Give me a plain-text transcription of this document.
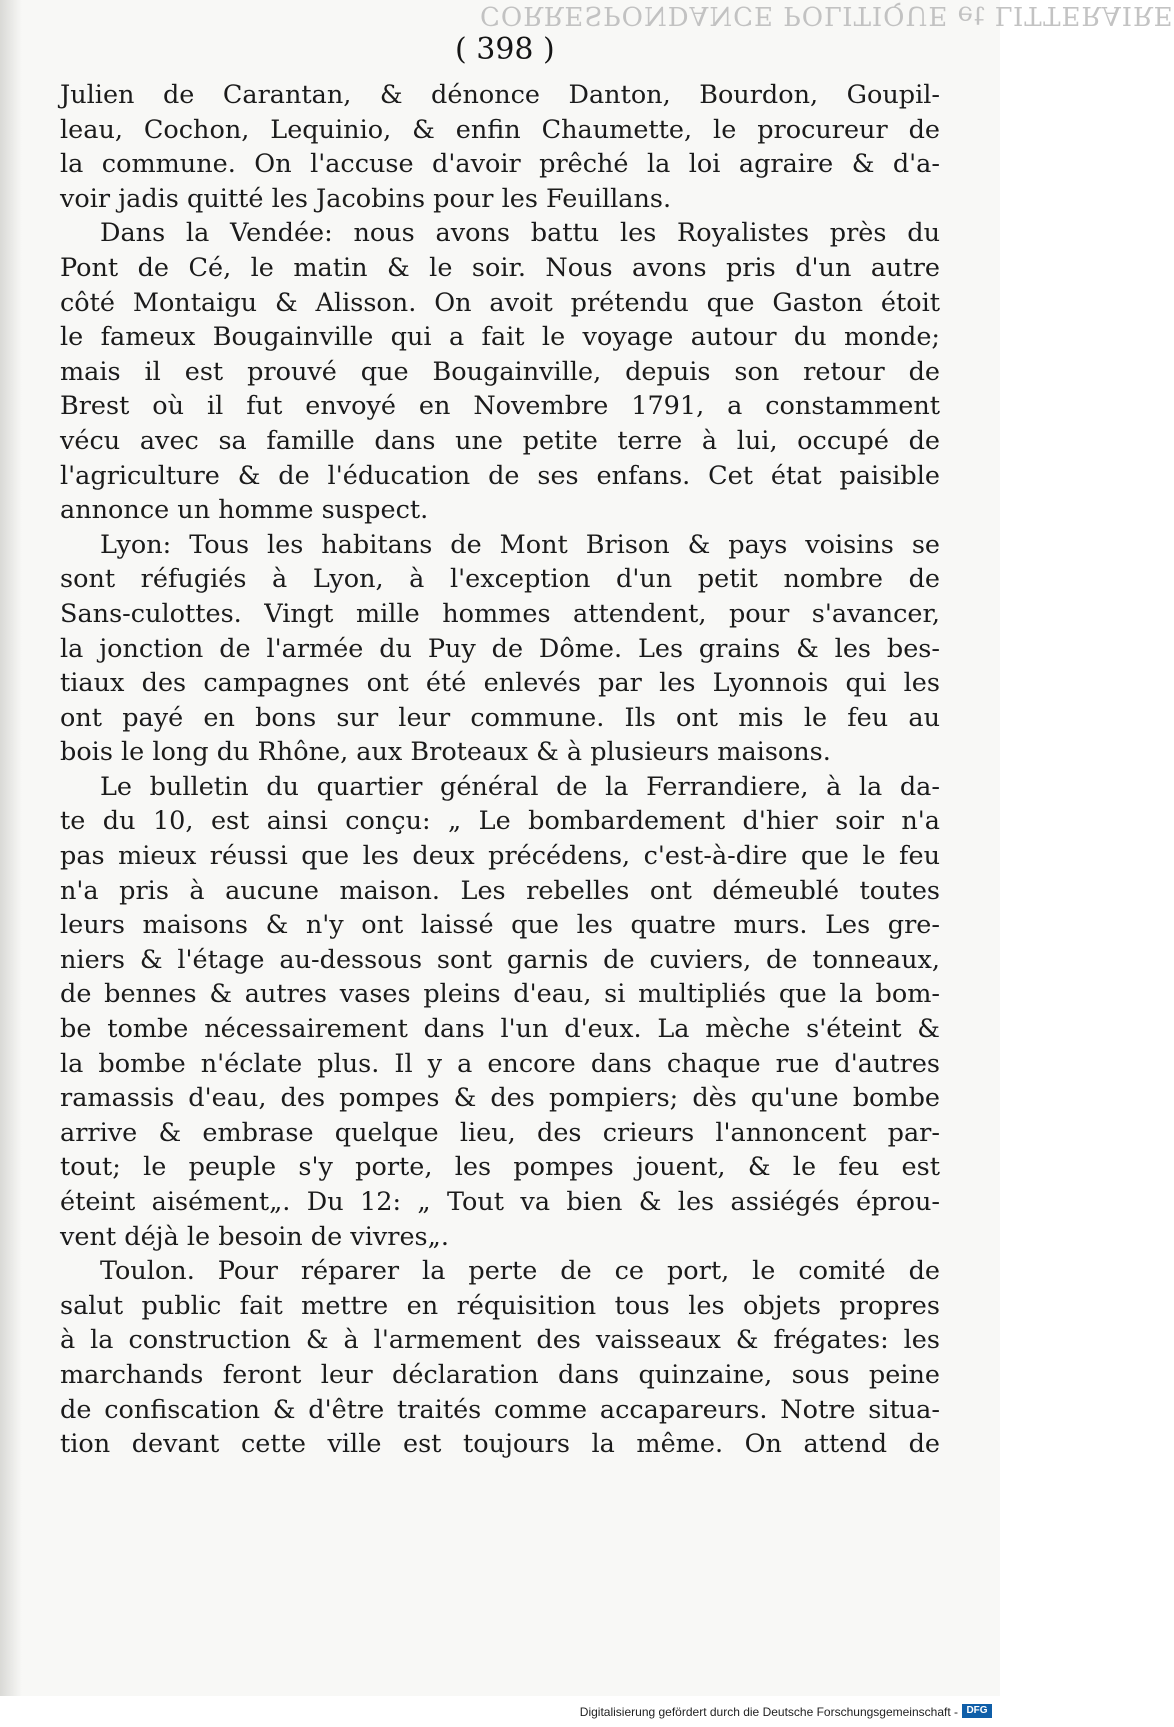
CORRESPONDANCE POLITIQUE et LITTERAIRE
( 398 )
Julien de Carantan, & dénonce Danton, Bourdon, Goupil-
leau, Cochon, Lequinio, & enfin Chaumette, le procureur de
la commune. On l'accuse d'avoir prêché la loi agraire & d'a-
voir jadis quitté les Jacobins pour les Feuillans.
Dans la Vendée: nous avons battu les Royalistes près du
Pont de Cé, le matin & le soir. Nous avons pris d'un autre
côté Montaigu & Alisson. On avoit prétendu que Gaston étoit
le fameux Bougainville qui a fait le voyage autour du monde;
mais il est prouvé que Bougainville, depuis son retour de
Brest où il fut envoyé en Novembre 1791, a constamment
vécu avec sa famille dans une petite terre à lui, occupé de
l'agriculture & de l'éducation de ses enfans. Cet état paisible
annonce un homme suspect.
Lyon: Tous les habitans de Mont Brison & pays voisins se
sont réfugiés à Lyon, à l'exception d'un petit nombre de
Sans-culottes. Vingt mille hommes attendent, pour s'avancer,
la jonction de l'armée du Puy de Dôme. Les grains & les bes-
tiaux des campagnes ont été enlevés par les Lyonnois qui les
ont payé en bons sur leur commune. Ils ont mis le feu au
bois le long du Rhône, aux Broteaux & à plusieurs maisons.
Le bulletin du quartier général de la Ferrandiere, à la da-
te du 10, est ainsi conçu: „ Le bombardement d'hier soir n'a
pas mieux réussi que les deux précédens, c'est-à-dire que le feu
n'a pris à aucune maison. Les rebelles ont démeublé toutes
leurs maisons & n'y ont laissé que les quatre murs. Les gre-
niers & l'étage au-dessous sont garnis de cuviers, de tonneaux,
de bennes & autres vases pleins d'eau, si multipliés que la bom-
be tombe nécessairement dans l'un d'eux. La mèche s'éteint &
la bombe n'éclate plus. Il y a encore dans chaque rue d'autres
ramassis d'eau, des pompes & des pompiers; dès qu'une bombe
arrive & embrase quelque lieu, des crieurs l'annoncent par-
tout; le peuple s'y porte, les pompes jouent, & le feu est
éteint aisément„. Du 12: „ Tout va bien & les assiégés éprou-
vent déjà le besoin de vivres„.
Toulon. Pour réparer la perte de ce port, le comité de
salut public fait mettre en réquisition tous les objets propres
à la construction & à l'armement des vaisseaux & frégates: les
marchands feront leur déclaration dans quinzaine, sous peine
de confiscation & d'être traités comme accapareurs. Notre situa-
tion devant cette ville est toujours la même. On attend de
Digitalisierung gefördert durch die Deutsche Forschungsgemeinschaft - DFG
